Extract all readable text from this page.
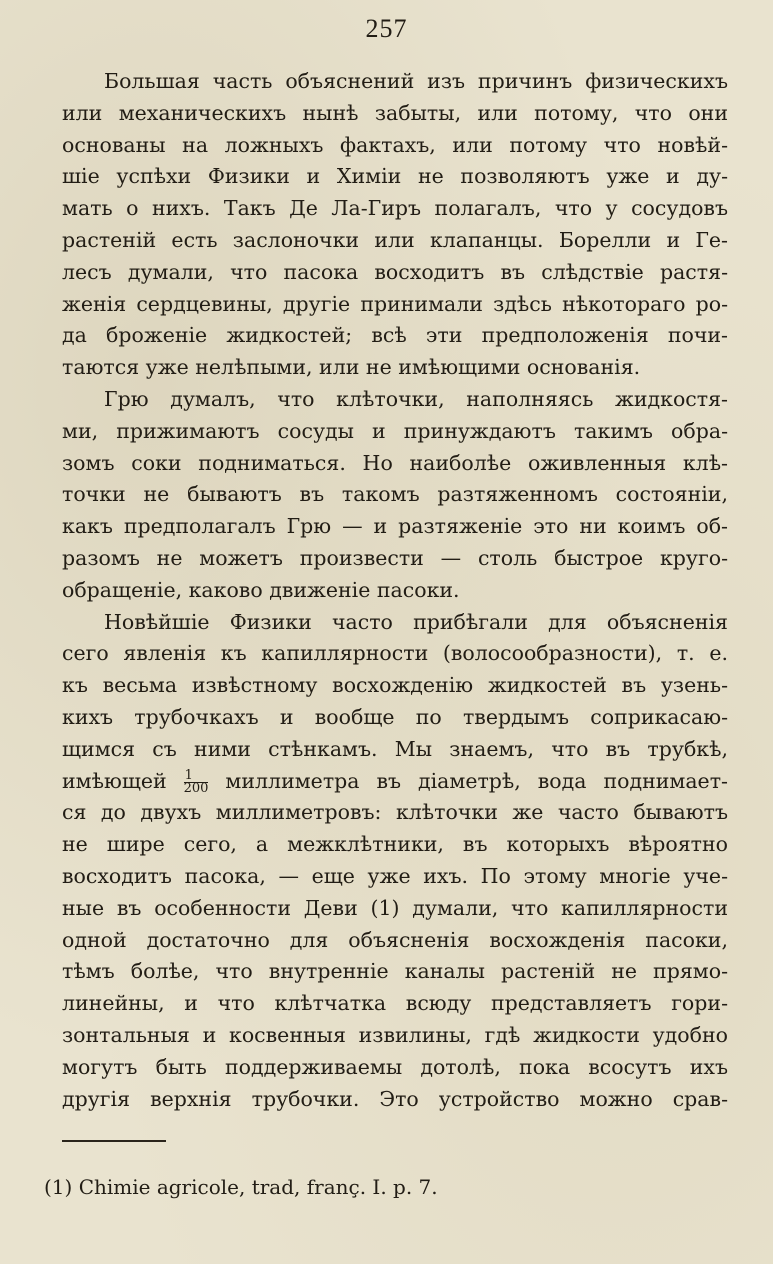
257
Большая часть объяснений изъ причинъ физическихъ
или механическихъ нынѣ забыты, или потому, что они
основаны на ложныхъ фактахъ, или потому что новѣй-
шіе успѣхи Физики и Химіи не позволяютъ уже и ду-
мать о нихъ. Такъ Де Ла-Гиръ полагалъ, что у сосудовъ
растеній есть заслоночки или клапанцы. Борелли и Ге-
лесъ думали, что пасока восходитъ въ слѣдствіе растя-
женія сердцевины, другіе принимали здѣсь нѣкотораго ро-
да броженіе жидкостей; всѣ эти предположенія почи-
таются уже нелѣпыми, или не имѣющими основанія.
Грю думалъ, что клѣточки, наполняясь жидкостя-
ми, прижимаютъ сосуды и принуждаютъ такимъ обра-
зомъ соки подниматься. Но наиболѣе оживленныя клѣ-
точки не бываютъ въ такомъ разтяженномъ состояніи,
какъ предполагалъ Грю — и разтяженіе это ни коимъ об-
разомъ не можетъ произвести — столь быстрое круго-
обращеніе, каково движеніе пасоки.
Новѣйшіе Физики часто прибѣгали для объясненія
сего явленія къ капиллярности (волосообразности), т. е.
къ весьма извѣстному восхожденію жидкостей въ узень-
кихъ трубочкахъ и вообще по твердымъ соприкасаю-
щимся съ ними стѣнкамъ. Мы знаемъ, что въ трубкѣ,
имѣющей $\frac{1}{200}$ миллиметра въ діаметрѣ, вода поднимает-
ся до двухъ миллиметровъ: клѣточки же часто бываютъ
не шире сего, а межклѣтники, въ которыхъ вѣроятно
восходитъ пасока, — еще уже ихъ. По этому многіе уче-
ные въ особенности Деви (1) думали, что капиллярности
одной достаточно для объясненія восхожденія пасоки,
тѣмъ болѣе, что внутреннiе каналы растеній не прямо-
линейны, и что клѣтчатка всюду представляетъ гори-
зонтальныя и косвенныя извилины, гдѣ жидкости удобно
могутъ быть поддерживаемы дотолѣ, пока всосутъ ихъ
другія верхнія трубочки. Это устройство можно срав-
(1) Chimie agricole, trad, franç. I. p. 7.
